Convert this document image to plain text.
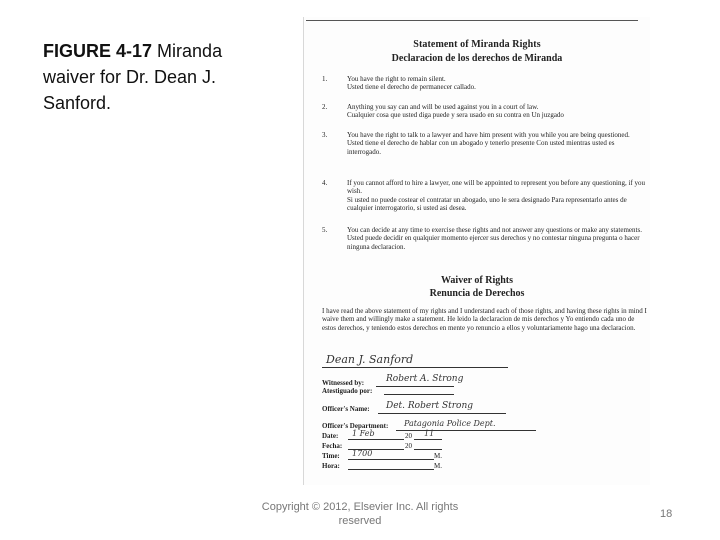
FIGURE 4-17 Miranda waiver for Dr. Dean J. Sanford.
Statement of Miranda Rights
Declaracion de los derechos de Miranda
1.	You have the right to remain silent.
Usted tiene el derecho de permanecer callado.
2.	Anything you say can and will be used against you in a court of law.
Cualquier cosa que usted diga puede y sera usado en su contra en Un juzgado
3.	You have the right to talk to a lawyer and have him present with you while you are being questioned.
Usted tiene el derecho de hablar con un abogado y tenerlo presente Con usted mientras usted es interrogado.
4.	If you cannot afford to hire a lawyer, one will be appointed to represent you before any questioning, if you wish.
Si usted no puede costear el contratar un abogado, uno le sera designado Para representarlo antes de cualquier interrogatorio, si usted asi desea.
5.	You can decide at any time to exercise these rights and not answer any questions or make any statements.
Usted puede decidir en qualquier momento ejercer sus derechos y no contestar ninguna pregunta o hacer ninguna declaracion.
Waiver of Rights
Renuncia de Derechos
I have read the above statement of my rights and I understand each of those rights, and having these rights in mind I waive them and willingly make a statement. He leido la declaracion de mis derechos y Yo entiendo cada uno de estos derechos, y teniendo estos derechos en mente yo renuncio a ellos y voluntariamente hago una declaracion.
Dean J. Sanford
Witnessed by:
Atestiguado por:
Robert A. Strong
Officer's Name: Det. Robert Strong
Officer's Department: Patagonia Police Dept.
Date: 1 Feb	20 11
Fecha:	20
Time: 1700	M.
Hora:	M.
Copyright © 2012, Elsevier Inc. All rights reserved
18
